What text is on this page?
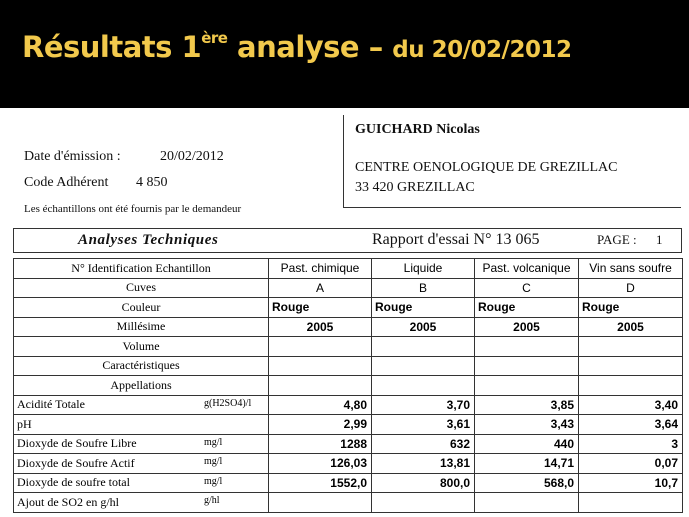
Résultats 1ère analyse – du 20/02/2012
Date d'émission :	20/02/2012
Code Adhérent 4 850
Les échantillons ont été fournis par le demandeur
GUICHARD Nicolas
CENTRE OENOLOGIQUE DE GREZILLAC
33 420 GREZILLAC
Analyses Techniques	Rapport d'essai N° 13 065	PAGE : 1
N° Identification Echantillon	Past. chimique	Liquide	Past. volcanique	Vin sans soufre
Cuves	A	B	C	D
Couleur	Rouge	Rouge	Rouge	Rouge
Millésime	2005	2005	2005	2005
Volume				
Caractéristiques				
Appellations				
Acidité Totale g(H2SO4)/l	4,80	3,70	3,85	3,40
pH	2,99	3,61	3,43	3,64
Dioxyde de Soufre Libre mg/l	1288	632	440	3
Dioxyde de Soufre Actif mg/l	126,03	13,81	14,71	0,07
Dioxyde de soufre total mg/l	1552,0	800,0	568,0	10,7
Ajout de SO2 en g/hl g/hl				
